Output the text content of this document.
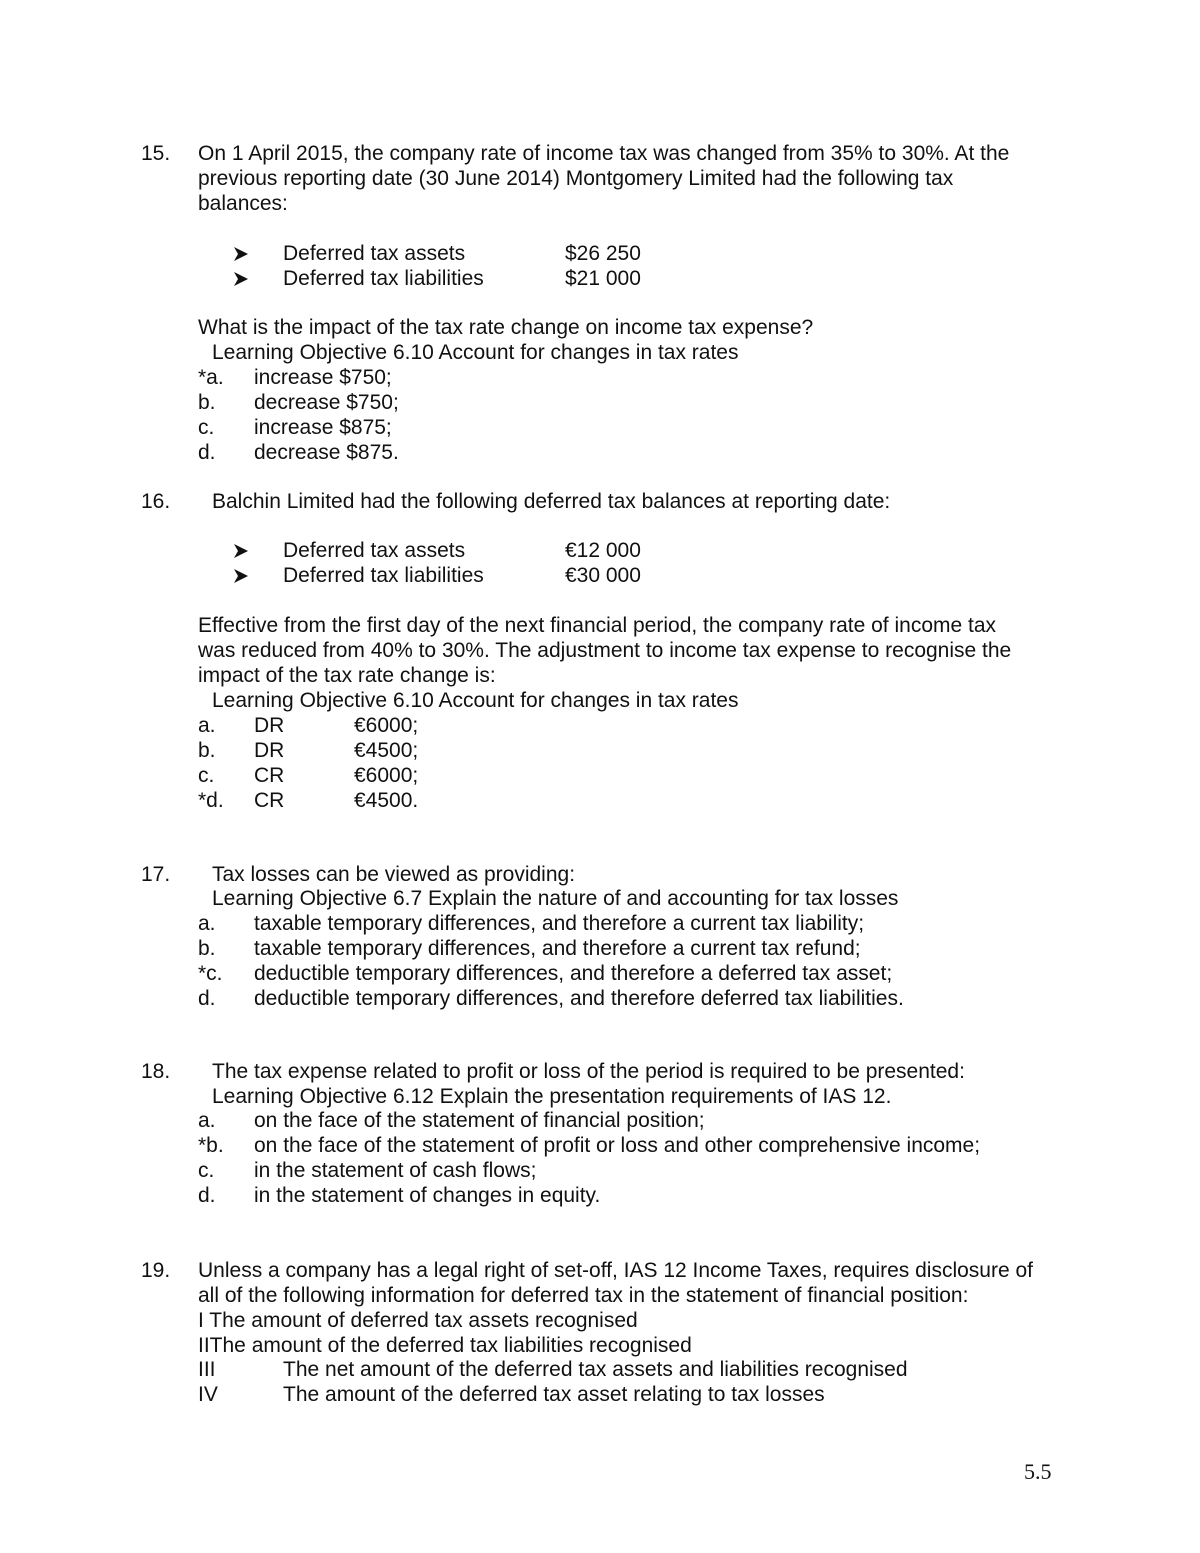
15. On 1 April 2015, the company rate of income tax was changed from 35% to 30%. At the
previous reporting date (30 June 2014) Montgomery Limited had the following tax
balances:
Deferred tax assets	$26 250
Deferred tax liabilities	$21 000
What is the impact of the tax rate change on income tax expense?
Learning Objective 6.10 Account for changes in tax rates
*a. increase $750;
b. decrease $750;
c. increase $875;
d. decrease $875.
16. Balchin Limited had the following deferred tax balances at reporting date:
Deferred tax assets	€12 000
Deferred tax liabilities	€30 000
Effective from the first day of the next financial period, the company rate of income tax
was reduced from 40% to 30%. The adjustment to income tax expense to recognise the
impact of the tax rate change is:
Learning Objective 6.10 Account for changes in tax rates
a. DR	€6000;
b. DR	€4500;
c. CR	€6000;
*d. CR	€4500.
17. Tax losses can be viewed as providing:
Learning Objective 6.7 Explain the nature of and accounting for tax losses
a. taxable temporary differences, and therefore a current tax liability;
b. taxable temporary differences, and therefore a current tax refund;
*c. deductible temporary differences, and therefore a deferred tax asset;
d. deductible temporary differences, and therefore deferred tax liabilities.
18. The tax expense related to profit or loss of the period is required to be presented:
Learning Objective 6.12 Explain the presentation requirements of IAS 12.
a. on the face of the statement of financial position;
*b. on the face of the statement of profit or loss and other comprehensive income;
c. in the statement of cash flows;
d. in the statement of changes in equity.
19. Unless a company has a legal right of set-off, IAS 12 Income Taxes, requires disclosure of
all of the following information for deferred tax in the statement of financial position:
I The amount of deferred tax assets recognised
IIThe amount of the deferred tax liabilities recognised
III	The net amount of the deferred tax assets and liabilities recognised
IV	The amount of the deferred tax asset relating to tax losses
5.5
